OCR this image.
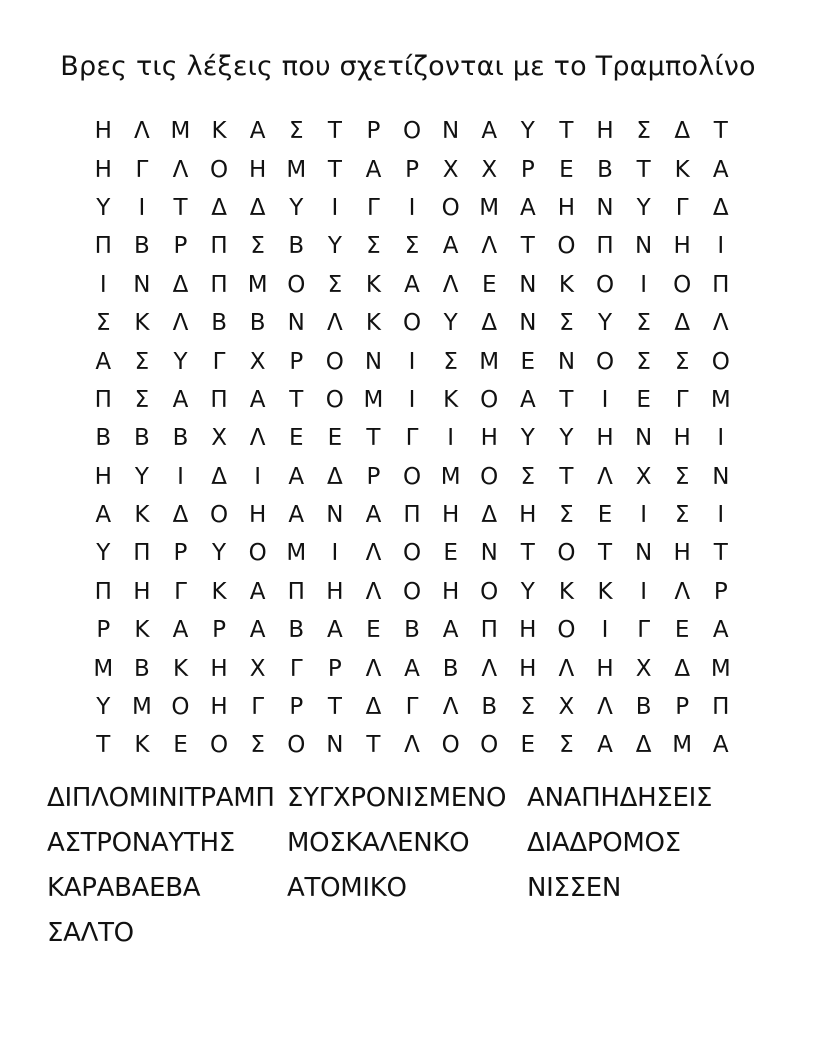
Βρες τις λέξεις που σχετίζονται με το Τραμπολίνο
Η Λ Μ Κ	Α	Σ	Τ	Ρ Ο Ν Α	Υ	Τ Η Σ	Δ	Τ
Η	Γ	Λ Ο Η Μ Τ	Α	Ρ	Χ Χ	Ρ	Ε	Β	Τ	Κ	Α
Υ	Ι	Τ	Δ Δ	Υ	Ι	Γ	Ι	Ο Μ Α Η Ν Υ	Γ	Δ
Π Β	Ρ	Π Σ	Β	Υ	Σ	Σ	Α Λ	Τ Ο Π Ν Η	Ι
Ι	Ν Δ Π Μ Ο Σ	Κ	Α Λ	Ε Ν Κ Ο	Ι	Ο Π
Σ	Κ	Λ Β Β Ν Λ	Κ Ο Υ	Δ Ν Σ	Υ	Σ	Δ Λ
Α	Σ	Υ	Γ	Χ	Ρ Ο Ν	Ι	Σ Μ Ε Ν Ο Σ	Σ Ο
Π Σ	Α Π Α	Τ Ο Μ	Ι	Κ Ο Α	Τ	Ι	Ε	Γ Μ
Β Β Β Χ Λ	Ε	Ε	Τ	Γ	Ι	Η Υ	Υ Η Ν Η	Ι
Η Υ	Ι	Δ	Ι	Α Δ	Ρ Ο Μ Ο Σ	Τ	Λ Χ	Σ Ν
Α	Κ	Δ Ο Η Α Ν Α Π Η Δ Η Σ	Ε	Ι	Σ	Ι
Υ Π	Ρ	Υ Ο Μ	Ι	Λ Ο Ε Ν Τ Ο Τ Ν Η Τ
Π Η	Γ	Κ	Α Π Η Λ Ο Η Ο Υ	Κ	Κ	Ι	Λ	Ρ
Ρ	Κ	Α	Ρ	Α Β Α	Ε	Β Α Π Η Ο	Ι	Γ	Ε	Α
Μ Β	Κ Η Χ	Γ	Ρ	Λ Α Β Λ Η Λ Η Χ Δ Μ
Υ Μ Ο Η	Γ	Ρ	Τ	Δ	Γ	Λ Β	Σ	Χ Λ Β	Ρ	Π
Τ	Κ	Ε Ο Σ Ο Ν Τ	Λ Ο Ο Ε	Σ	Α Δ Μ Α
ΔΙΠΛΟΜΙΝΙΤΡΑΜΠ ΣΥΓΧΡΟΝΙΣΜΕΝΟ ΑΝΑΠΗΔΗΣΕΙΣ
ΑΣΤΡΟΝΑΥΤΗΣ	ΜΟΣΚΑΛΕΝΚΟ	ΔΙΑΔΡΟΜΟΣ
ΚΑΡΑΒΑΕΒΑ	ΑΤΟΜΙΚΟ	ΝΙΣΣΕΝ
ΣΑΛΤΟ
